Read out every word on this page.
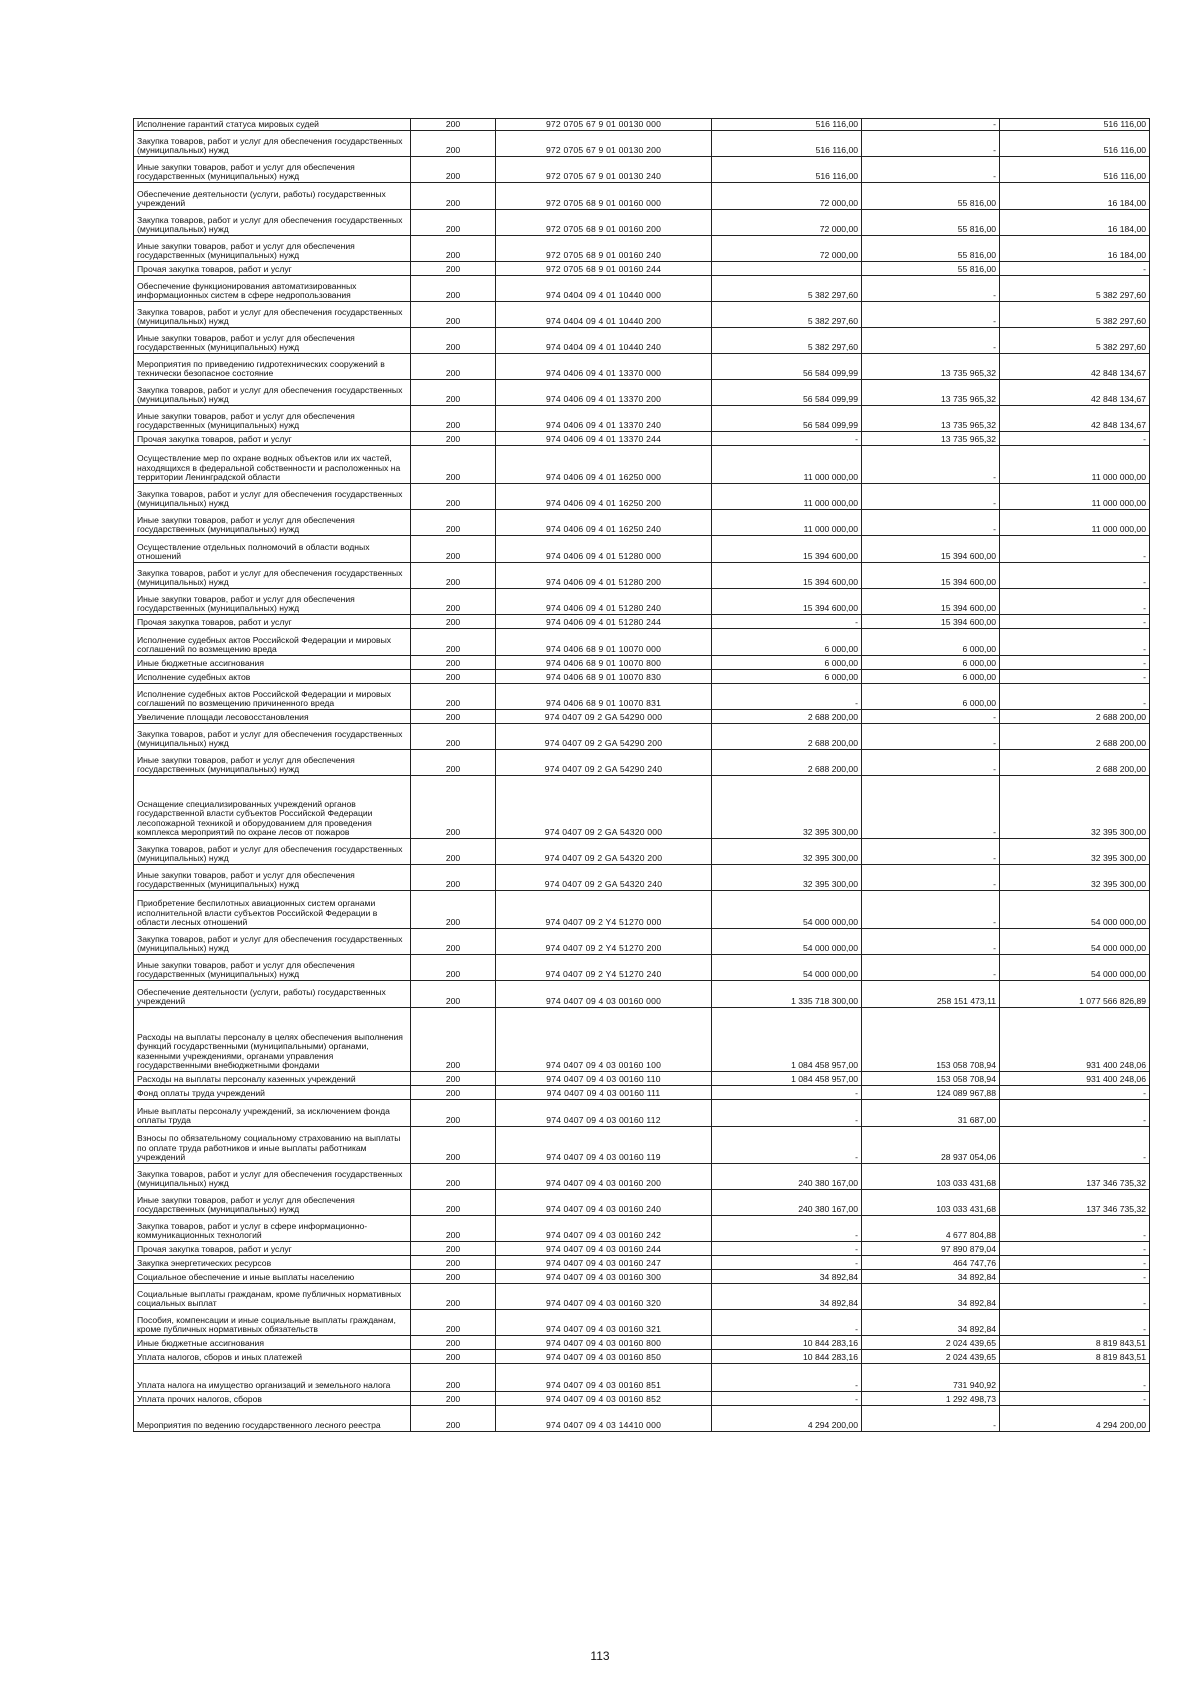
Исполнение гарантий статуса мировых судей	200	972 0705 67 9 01 00130 000	516 116,00	-	516 116,00
Закупка товаров, работ и услуг для обеспечения государственных (муниципальных) нужд	200	972 0705 67 9 01 00130 200	516 116,00	-	516 116,00
Иные закупки товаров, работ и услуг для обеспечения государственных (муниципальных) нужд	200	972 0705 67 9 01 00130 240	516 116,00	-	516 116,00
Обеспечение деятельности (услуги, работы) государственных учреждений	200	972 0705 68 9 01 00160 000	72 000,00	55 816,00	16 184,00
Закупка товаров, работ и услуг для обеспечения государственных (муниципальных) нужд	200	972 0705 68 9 01 00160 200	72 000,00	55 816,00	16 184,00
Иные закупки товаров, работ и услуг для обеспечения государственных (муниципальных) нужд	200	972 0705 68 9 01 00160 240	72 000,00	55 816,00	16 184,00
Прочая закупка товаров, работ и услуг	200	972 0705 68 9 01 00160 244		55 816,00	-
Обеспечение функционирования автоматизированных информационных систем в сфере недропользования	200	974 0404 09 4 01 10440 000	5 382 297,60	-	5 382 297,60
Закупка товаров, работ и услуг для обеспечения государственных (муниципальных) нужд	200	974 0404 09 4 01 10440 200	5 382 297,60	-	5 382 297,60
Иные закупки товаров, работ и услуг для обеспечения государственных (муниципальных) нужд	200	974 0404 09 4 01 10440 240	5 382 297,60	-	5 382 297,60
Мероприятия по приведению гидротехнических сооружений в технически безопасное состояние	200	974 0406 09 4 01 13370 000	56 584 099,99	13 735 965,32	42 848 134,67
Закупка товаров, работ и услуг для обеспечения государственных (муниципальных) нужд	200	974 0406 09 4 01 13370 200	56 584 099,99	13 735 965,32	42 848 134,67
Иные закупки товаров, работ и услуг для обеспечения государственных (муниципальных) нужд	200	974 0406 09 4 01 13370 240	56 584 099,99	13 735 965,32	42 848 134,67
Прочая закупка товаров, работ и услуг	200	974 0406 09 4 01 13370 244	-	13 735 965,32	-
Осуществление мер по охране водных объектов или их частей, находящихся в федеральной собственности и расположенных на территории Ленинградской области	200	974 0406 09 4 01 16250 000	11 000 000,00	-	11 000 000,00
Закупка товаров, работ и услуг для обеспечения государственных (муниципальных) нужд	200	974 0406 09 4 01 16250 200	11 000 000,00	-	11 000 000,00
Иные закупки товаров, работ и услуг для обеспечения государственных (муниципальных) нужд	200	974 0406 09 4 01 16250 240	11 000 000,00	-	11 000 000,00
Осуществление отдельных полномочий в области водных отношений	200	974 0406 09 4 01 51280 000	15 394 600,00	15 394 600,00	-
Закупка товаров, работ и услуг для обеспечения государственных (муниципальных) нужд	200	974 0406 09 4 01 51280 200	15 394 600,00	15 394 600,00	-
Иные закупки товаров, работ и услуг для обеспечения государственных (муниципальных) нужд	200	974 0406 09 4 01 51280 240	15 394 600,00	15 394 600,00	-
Прочая закупка товаров, работ и услуг	200	974 0406 09 4 01 51280 244	-	15 394 600,00	-
Исполнение судебных актов Российской Федерации и мировых соглашений по возмещению вреда	200	974 0406 68 9 01 10070 000	6 000,00	6 000,00	-
Иные бюджетные ассигнования	200	974 0406 68 9 01 10070 800	6 000,00	6 000,00	-
Исполнение судебных актов	200	974 0406 68 9 01 10070 830	6 000,00	6 000,00	-
Исполнение судебных актов Российской Федерации и мировых соглашений по возмещению причиненного вреда	200	974 0406 68 9 01 10070 831	-	6 000,00	-
Увеличение площади лесовосстановления	200	974 0407 09 2 GA 54290 000	2 688 200,00	-	2 688 200,00
Закупка товаров, работ и услуг для обеспечения государственных (муниципальных) нужд	200	974 0407 09 2 GA 54290 200	2 688 200,00	-	2 688 200,00
Иные закупки товаров, работ и услуг для обеспечения государственных (муниципальных) нужд	200	974 0407 09 2 GA 54290 240	2 688 200,00	-	2 688 200,00
Оснащение специализированных учреждений органов государственной власти субъектов Российской Федерации лесопожарной техникой и оборудованием для проведения комплекса мероприятий по охране лесов от пожаров	200	974 0407 09 2 GA 54320 000	32 395 300,00	-	32 395 300,00
Закупка товаров, работ и услуг для обеспечения государственных (муниципальных) нужд	200	974 0407 09 2 GA 54320 200	32 395 300,00	-	32 395 300,00
Иные закупки товаров, работ и услуг для обеспечения государственных (муниципальных) нужд	200	974 0407 09 2 GA 54320 240	32 395 300,00	-	32 395 300,00
Приобретение беспилотных авиационных систем органами исполнительной власти субъектов Российской Федерации в области лесных отношений	200	974 0407 09 2 Y4 51270 000	54 000 000,00	-	54 000 000,00
Закупка товаров, работ и услуг для обеспечения государственных (муниципальных) нужд	200	974 0407 09 2 Y4 51270 200	54 000 000,00	-	54 000 000,00
Иные закупки товаров, работ и услуг для обеспечения государственных (муниципальных) нужд	200	974 0407 09 2 Y4 51270 240	54 000 000,00	-	54 000 000,00
Обеспечение деятельности (услуги, работы) государственных учреждений	200	974 0407 09 4 03 00160 000	1 335 718 300,00	258 151 473,11	1 077 566 826,89
Расходы на выплаты персоналу в целях обеспечения выполнения функций государственными (муниципальными) органами, казенными учреждениями, органами управления государственными внебюджетными фондами	200	974 0407 09 4 03 00160 100	1 084 458 957,00	153 058 708,94	931 400 248,06
Расходы на выплаты персоналу казенных учреждений	200	974 0407 09 4 03 00160 110	1 084 458 957,00	153 058 708,94	931 400 248,06
Фонд оплаты труда учреждений	200	974 0407 09 4 03 00160 111	-	124 089 967,88	-
Иные выплаты персоналу учреждений, за исключением фонда оплаты труда	200	974 0407 09 4 03 00160 112	-	31 687,00	-
Взносы по обязательному социальному страхованию на выплаты по оплате труда работников и иные выплаты работникам учреждений	200	974 0407 09 4 03 00160 119	-	28 937 054,06	-
Закупка товаров, работ и услуг для обеспечения государственных (муниципальных) нужд	200	974 0407 09 4 03 00160 200	240 380 167,00	103 033 431,68	137 346 735,32
Иные закупки товаров, работ и услуг для обеспечения государственных (муниципальных) нужд	200	974 0407 09 4 03 00160 240	240 380 167,00	103 033 431,68	137 346 735,32
Закупка товаров, работ и услуг в сфере информационно-коммуникационных технологий	200	974 0407 09 4 03 00160 242	-	4 677 804,88	-
Прочая закупка товаров, работ и услуг	200	974 0407 09 4 03 00160 244	-	97 890 879,04	-
Закупка энергетических ресурсов	200	974 0407 09 4 03 00160 247	-	464 747,76	-
Социальное обеспечение и иные выплаты населению	200	974 0407 09 4 03 00160 300	34 892,84	34 892,84	-
Социальные выплаты гражданам, кроме публичных нормативных социальных выплат	200	974 0407 09 4 03 00160 320	34 892,84	34 892,84	-
Пособия, компенсации и иные социальные выплаты гражданам, кроме публичных нормативных обязательств	200	974 0407 09 4 03 00160 321	-	34 892,84	-
Иные бюджетные ассигнования	200	974 0407 09 4 03 00160 800	10 844 283,16	2 024 439,65	8 819 843,51
Уплата налогов, сборов и иных платежей	200	974 0407 09 4 03 00160 850	10 844 283,16	2 024 439,65	8 819 843,51
Уплата налога на имущество организаций и земельного налога	200	974 0407 09 4 03 00160 851	-	731 940,92	-
Уплата прочих налогов, сборов	200	974 0407 09 4 03 00160 852	-	1 292 498,73	-
Мероприятия по ведению государственного лесного реестра	200	974 0407 09 4 03 14410 000	4 294 200,00	-	4 294 200,00
113
